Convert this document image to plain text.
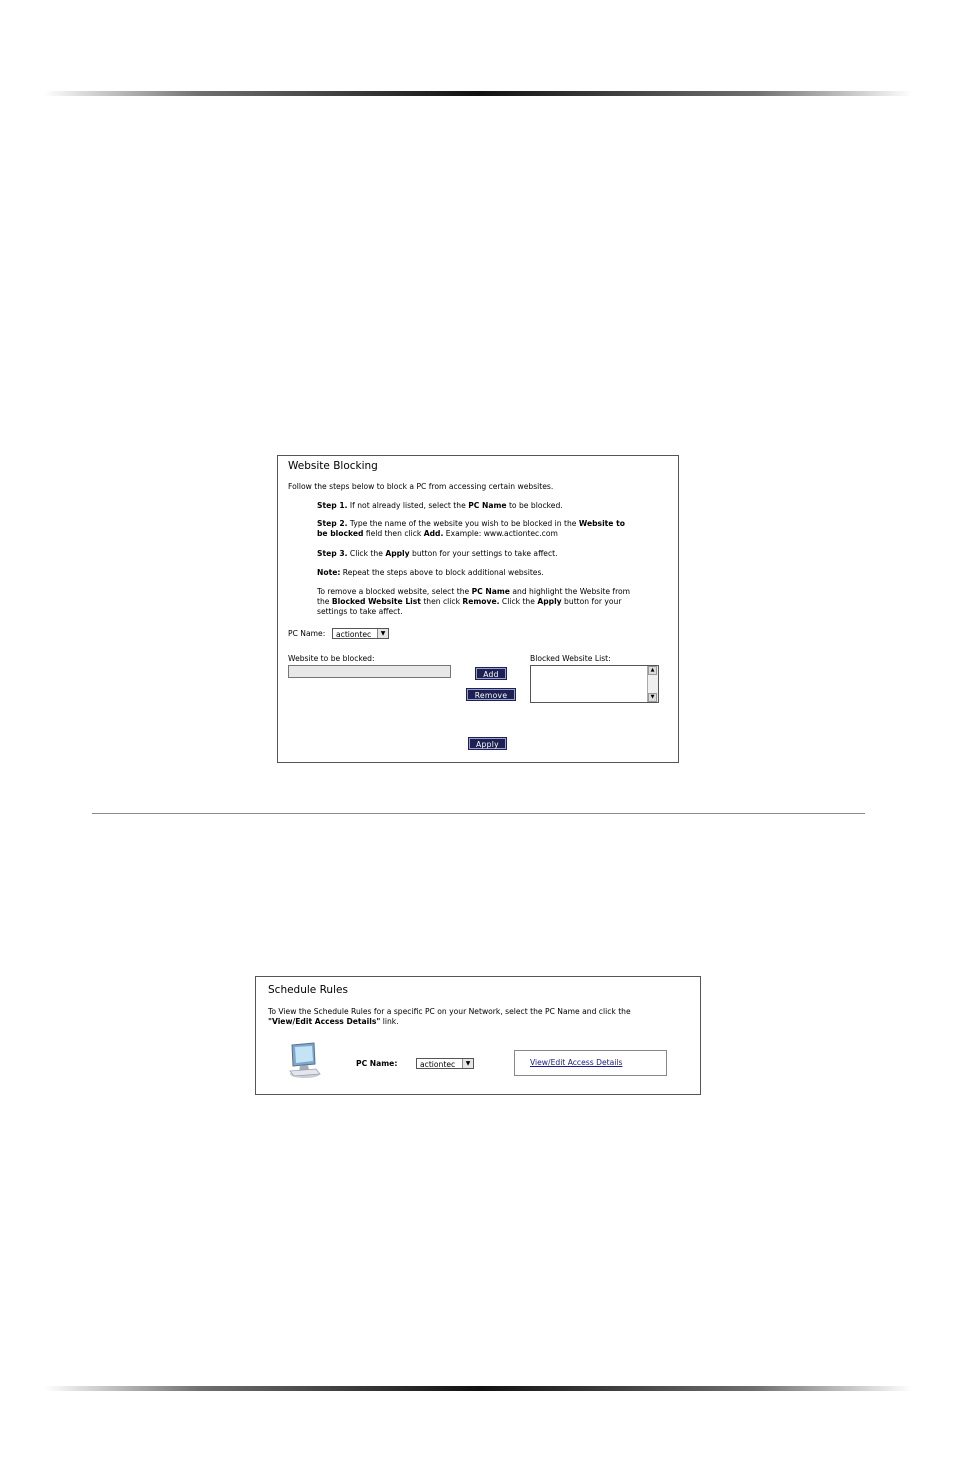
Website Blocking
Follow the steps below to block a PC from accessing certain websites.
Step 1. If not already listed, select the PC Name to be blocked.
Step 2. Type the name of the website you wish to be blocked in the Website to
be blocked field then click Add. Example: www.actiontec.com
Step 3. Click the Apply button for your settings to take affect.
Note: Repeat the steps above to block additional websites.
To remove a blocked website, select the PC Name and highlight the Website from
the Blocked Website List then click Remove. Click the Apply button for your
settings to take affect.
PC Name:	actiontec	▼
Website to be blocked:	Blocked Website List:
▲
▼
Add
Remove
Apply
Schedule Rules
To View the Schedule Rules for a specific PC on your Network, select the PC Name and click the
"View/Edit Access Details" link.
PC Name:	actiontec	▼	View/Edit Access Details
